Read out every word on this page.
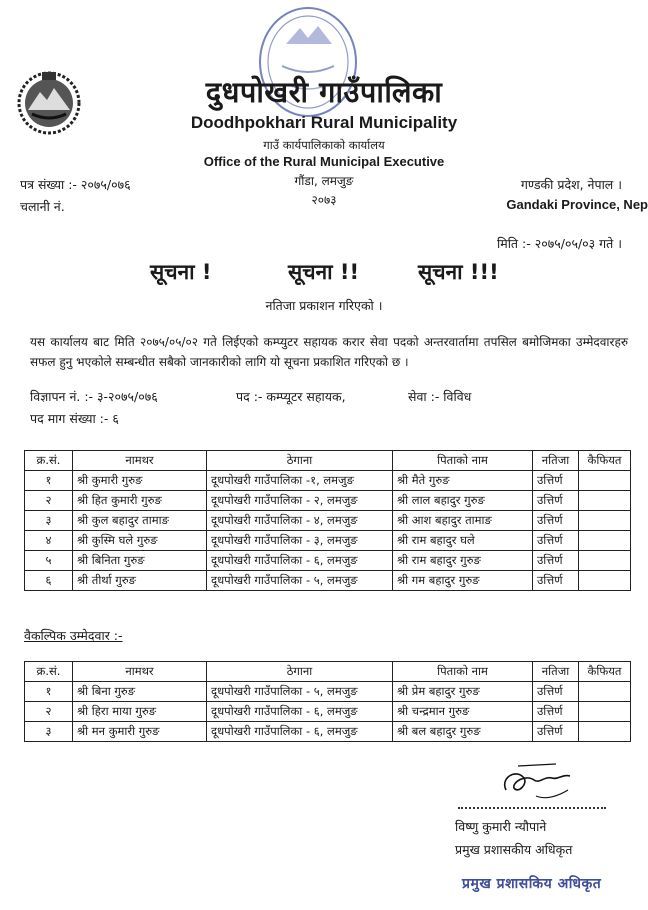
दुधपोखरी गाउँपालिका
Doodhpokhari Rural Municipality
गाउँ कार्यपालिकाको कार्यालय
Office of the Rural Municipal Executive
गौंडा, लमजुङ
२०७३
पत्र संख्या :- २०७५/०७६
चलानी नं.
गण्डकी प्रदेश, नेपाल ।
Gandaki Province, Nep
मिति :- २०७५/०५/०३ गते ।
सूचना !	सूचना !!	सूचना !!!
नतिजा प्रकाशन गरिएको ।
यस कार्यालय बाट मिति २०७५/०५/०२ गते लिईएको कम्प्युटर सहायक करार सेवा पदको अन्तरवार्तामा तपसिल बमोजिमका उम्मेदवारहरु सफल हुनु भएकोले सम्बन्धीत सबैको जानकारीको लागि यो सूचना प्रकाशित गरिएको छ ।
विज्ञापन नं. :- ३-२०७५/०७६	पद :- कम्प्यूटर सहायक,	सेवा :- विविध
पद माग संख्या :- ६
क्र.सं.	नामथर	ठेगाना	पिताको नाम	नतिजा	कैफियत
१	श्री कुमारी गुरुङ	दूधपोखरी गाउँपालिका -१, लमजुङ	श्री मैते गुरुङ	उत्तिर्ण	
२	श्री हित कुमारी गुरुङ	दूधपोखरी गाउँपालिका - २, लमजुङ	श्री लाल बहादुर गुरुङ	उत्तिर्ण	
३	श्री कुल बहादुर तामाङ	दूधपोखरी गाउँपालिका - ४, लमजुङ	श्री आश बहादुर तामाङ	उत्तिर्ण	
४	श्री कुस्मि घले गुरुङ	दूधपोखरी गाउँपालिका - ३, लमजुङ	श्री राम बहादुर घले	उत्तिर्ण	
५	श्री बिनिता गुरुङ	दूधपोखरी गाउँपालिका - ६, लमजुङ	श्री राम बहादुर गुरुङ	उत्तिर्ण	
६	श्री तीर्था गुरुङ	दूधपोखरी गाउँपालिका - ५, लमजुङ	श्री गम बहादुर गुरुङ	उत्तिर्ण	
वैकल्पिक उम्मेदवार :-
क्र.सं.	नामथर	ठेगाना	पिताको नाम	नतिजा	कैफियत
१	श्री बिना गुरुङ	दूधपोखरी गाउँपालिका - ५, लमजुङ	श्री प्रेम बहादुर गुरुङ	उत्तिर्ण	
२	श्री हिरा माया गुरुङ	दूधपोखरी गाउँपालिका - ६, लमजुङ	श्री चन्द्रमान गुरुङ	उत्तिर्ण	
३	श्री मन कुमारी गुरुङ	दूधपोखरी गाउँपालिका - ६, लमजुङ	श्री बल बहादुर गुरुङ	उत्तिर्ण	
विष्णु कुमारी न्यौपाने
प्रमुख प्रशासकीय अधिकृत
प्रमुख प्रशासकिय अधिकृत
